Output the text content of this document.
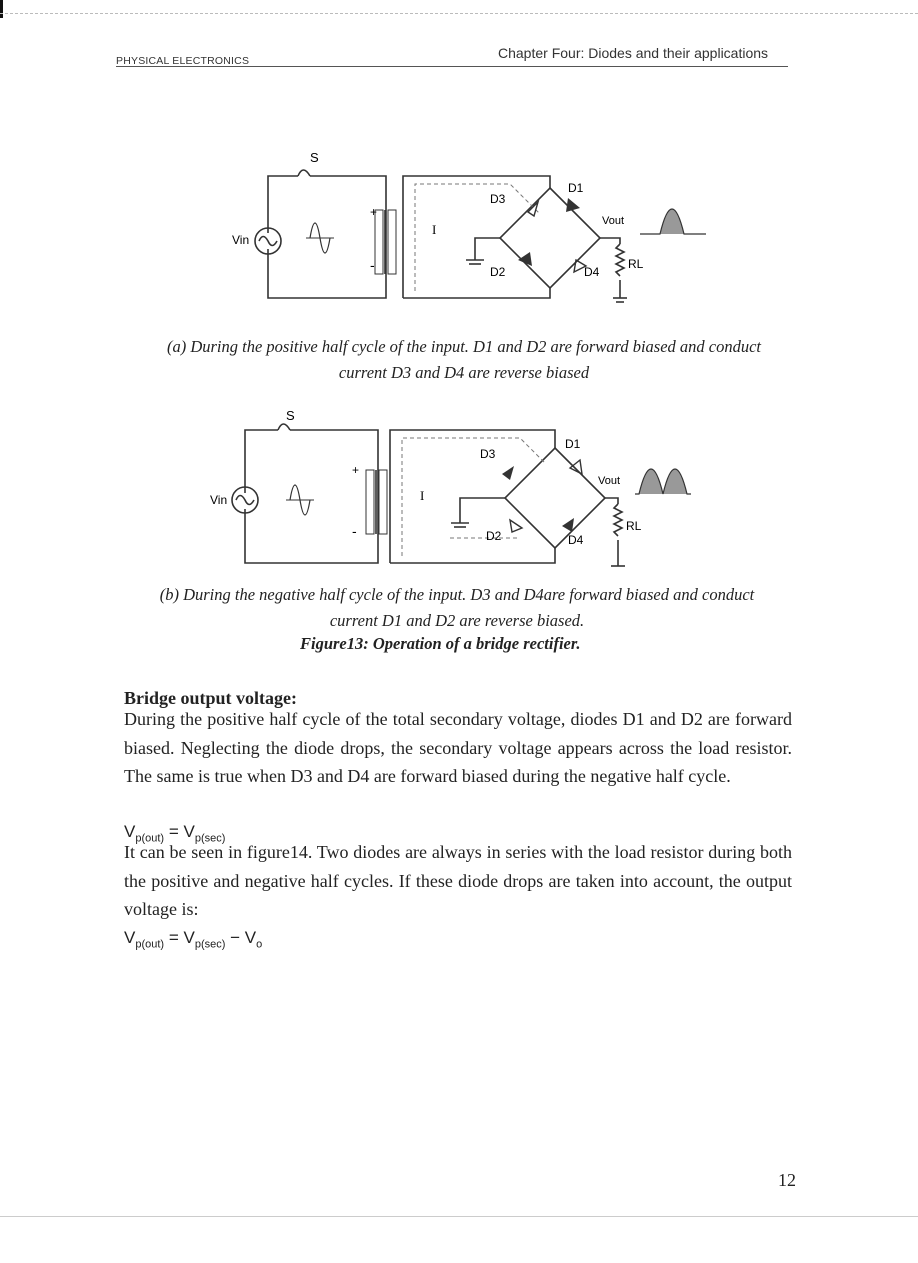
PHYSICAL ELECTRONICS	Chapter Four: Diodes and their applications
S
Vin
+
-
I
D1
D3
D2	D4
Vout
RL
(a) During the positive half cycle of the input. D1 and D2 are forward biased and conduct
current D3 and D4 are reverse biased
S
Vin
+
-
I
D1
D3
D2	D4
Vout
RL
(b) During the negative half cycle of the input. D3 and D4are forward biased and conduct
current D1 and D2 are reverse biased.
Figure13: Operation of a bridge rectifier.
Bridge output voltage:
During the positive half cycle of the total secondary voltage, diodes D1 and D2 are forward biased. Neglecting the diode drops, the secondary voltage appears across the load resistor. The same is true when D3 and D4 are forward biased during the negative half cycle.
$V_{p(out)} = V_{p(sec)}$
It can be seen in figure14. Two diodes are always in series with the load resistor during both the positive and negative half cycles. If these diode drops are taken into account, the output voltage is:
$V_{p(out)} = V_{p(sec)} - V_o$
12
